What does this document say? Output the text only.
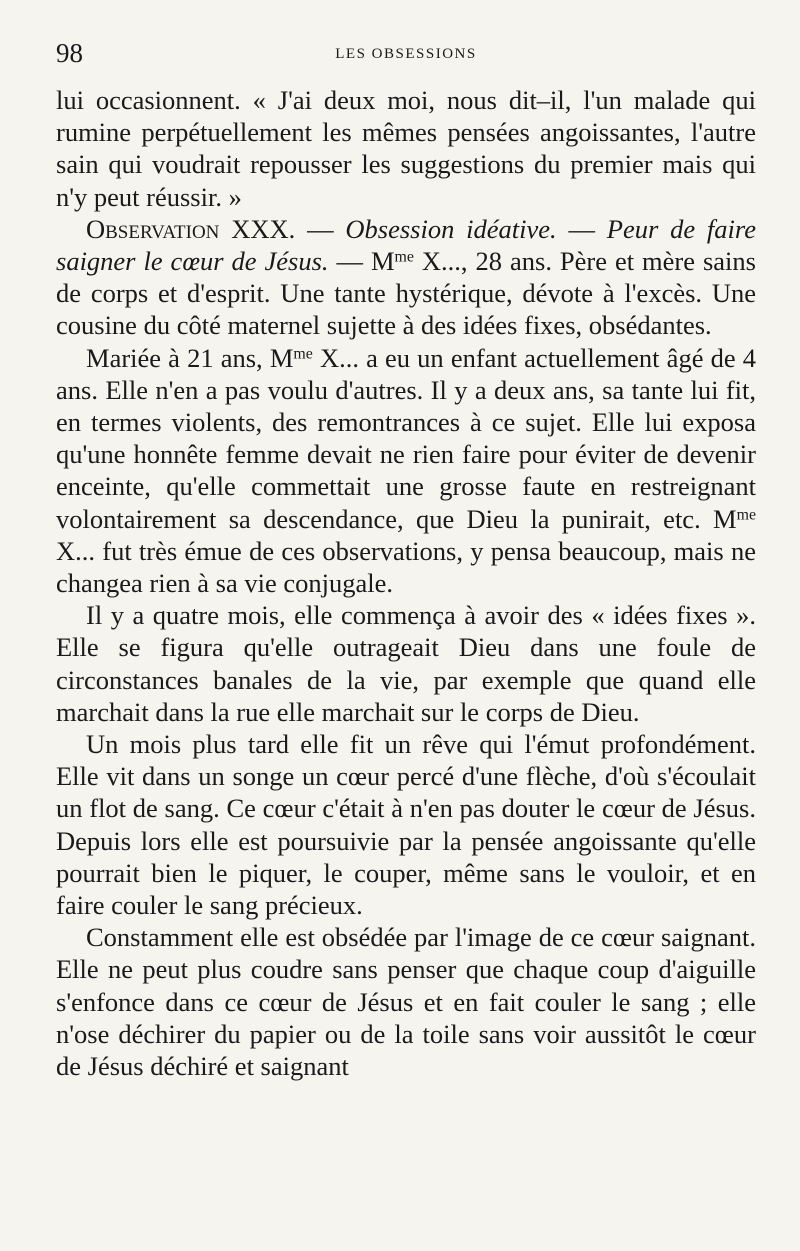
98	LES OBSESSIONS

lui occasionnent. « J'ai deux moi, nous dit–il, l'un malade qui rumine perpétuellement les mêmes pensées angoissantes, l'autre sain qui voudrait repousser les suggestions du premier mais qui n'y peut réussir. »

Observation XXX. — Obsession idéative. — Peur de faire saigner le cœur de Jésus. — $M^{me}$ X..., 28 ans. Père et mère sains de corps et d'esprit. Une tante hystérique, dévote à l'excès. Une cousine du côté maternel sujette à des idées fixes, obsédantes.

Mariée à 21 ans, $M^{me}$ X... a eu un enfant actuellement âgé de 4 ans. Elle n'en a pas voulu d'autres. Il y a deux ans, sa tante lui fit, en termes violents, des remontrances à ce sujet. Elle lui exposa qu'une honnête femme devait ne rien faire pour éviter de devenir enceinte, qu'elle commettait une grosse faute en restreignant volontairement sa descendance, que Dieu la punirait, etc. $M^{me}$ X... fut très émue de ces observations, y pensa beaucoup, mais ne changea rien à sa vie conjugale.

Il y a quatre mois, elle commença à avoir des « idées fixes ». Elle se figura qu'elle outrageait Dieu dans une foule de circonstances banales de la vie, par exemple que quand elle marchait dans la rue elle marchait sur le corps de Dieu.

Un mois plus tard elle fit un rêve qui l'émut profondément. Elle vit dans un songe un cœur percé d'une flèche, d'où s'écoulait un flot de sang. Ce cœur c'était à n'en pas douter le cœur de Jésus. Depuis lors elle est poursuivie par la pensée angoissante qu'elle pourrait bien le piquer, le couper, même sans le vouloir, et en faire couler le sang précieux.

Constamment elle est obsédée par l'image de ce cœur saignant. Elle ne peut plus coudre sans penser que chaque coup d'aiguille s'enfonce dans ce cœur de Jésus et en fait couler le sang ; elle n'ose déchirer du papier ou de la toile sans voir aussitôt le cœur de Jésus déchiré et saignant
